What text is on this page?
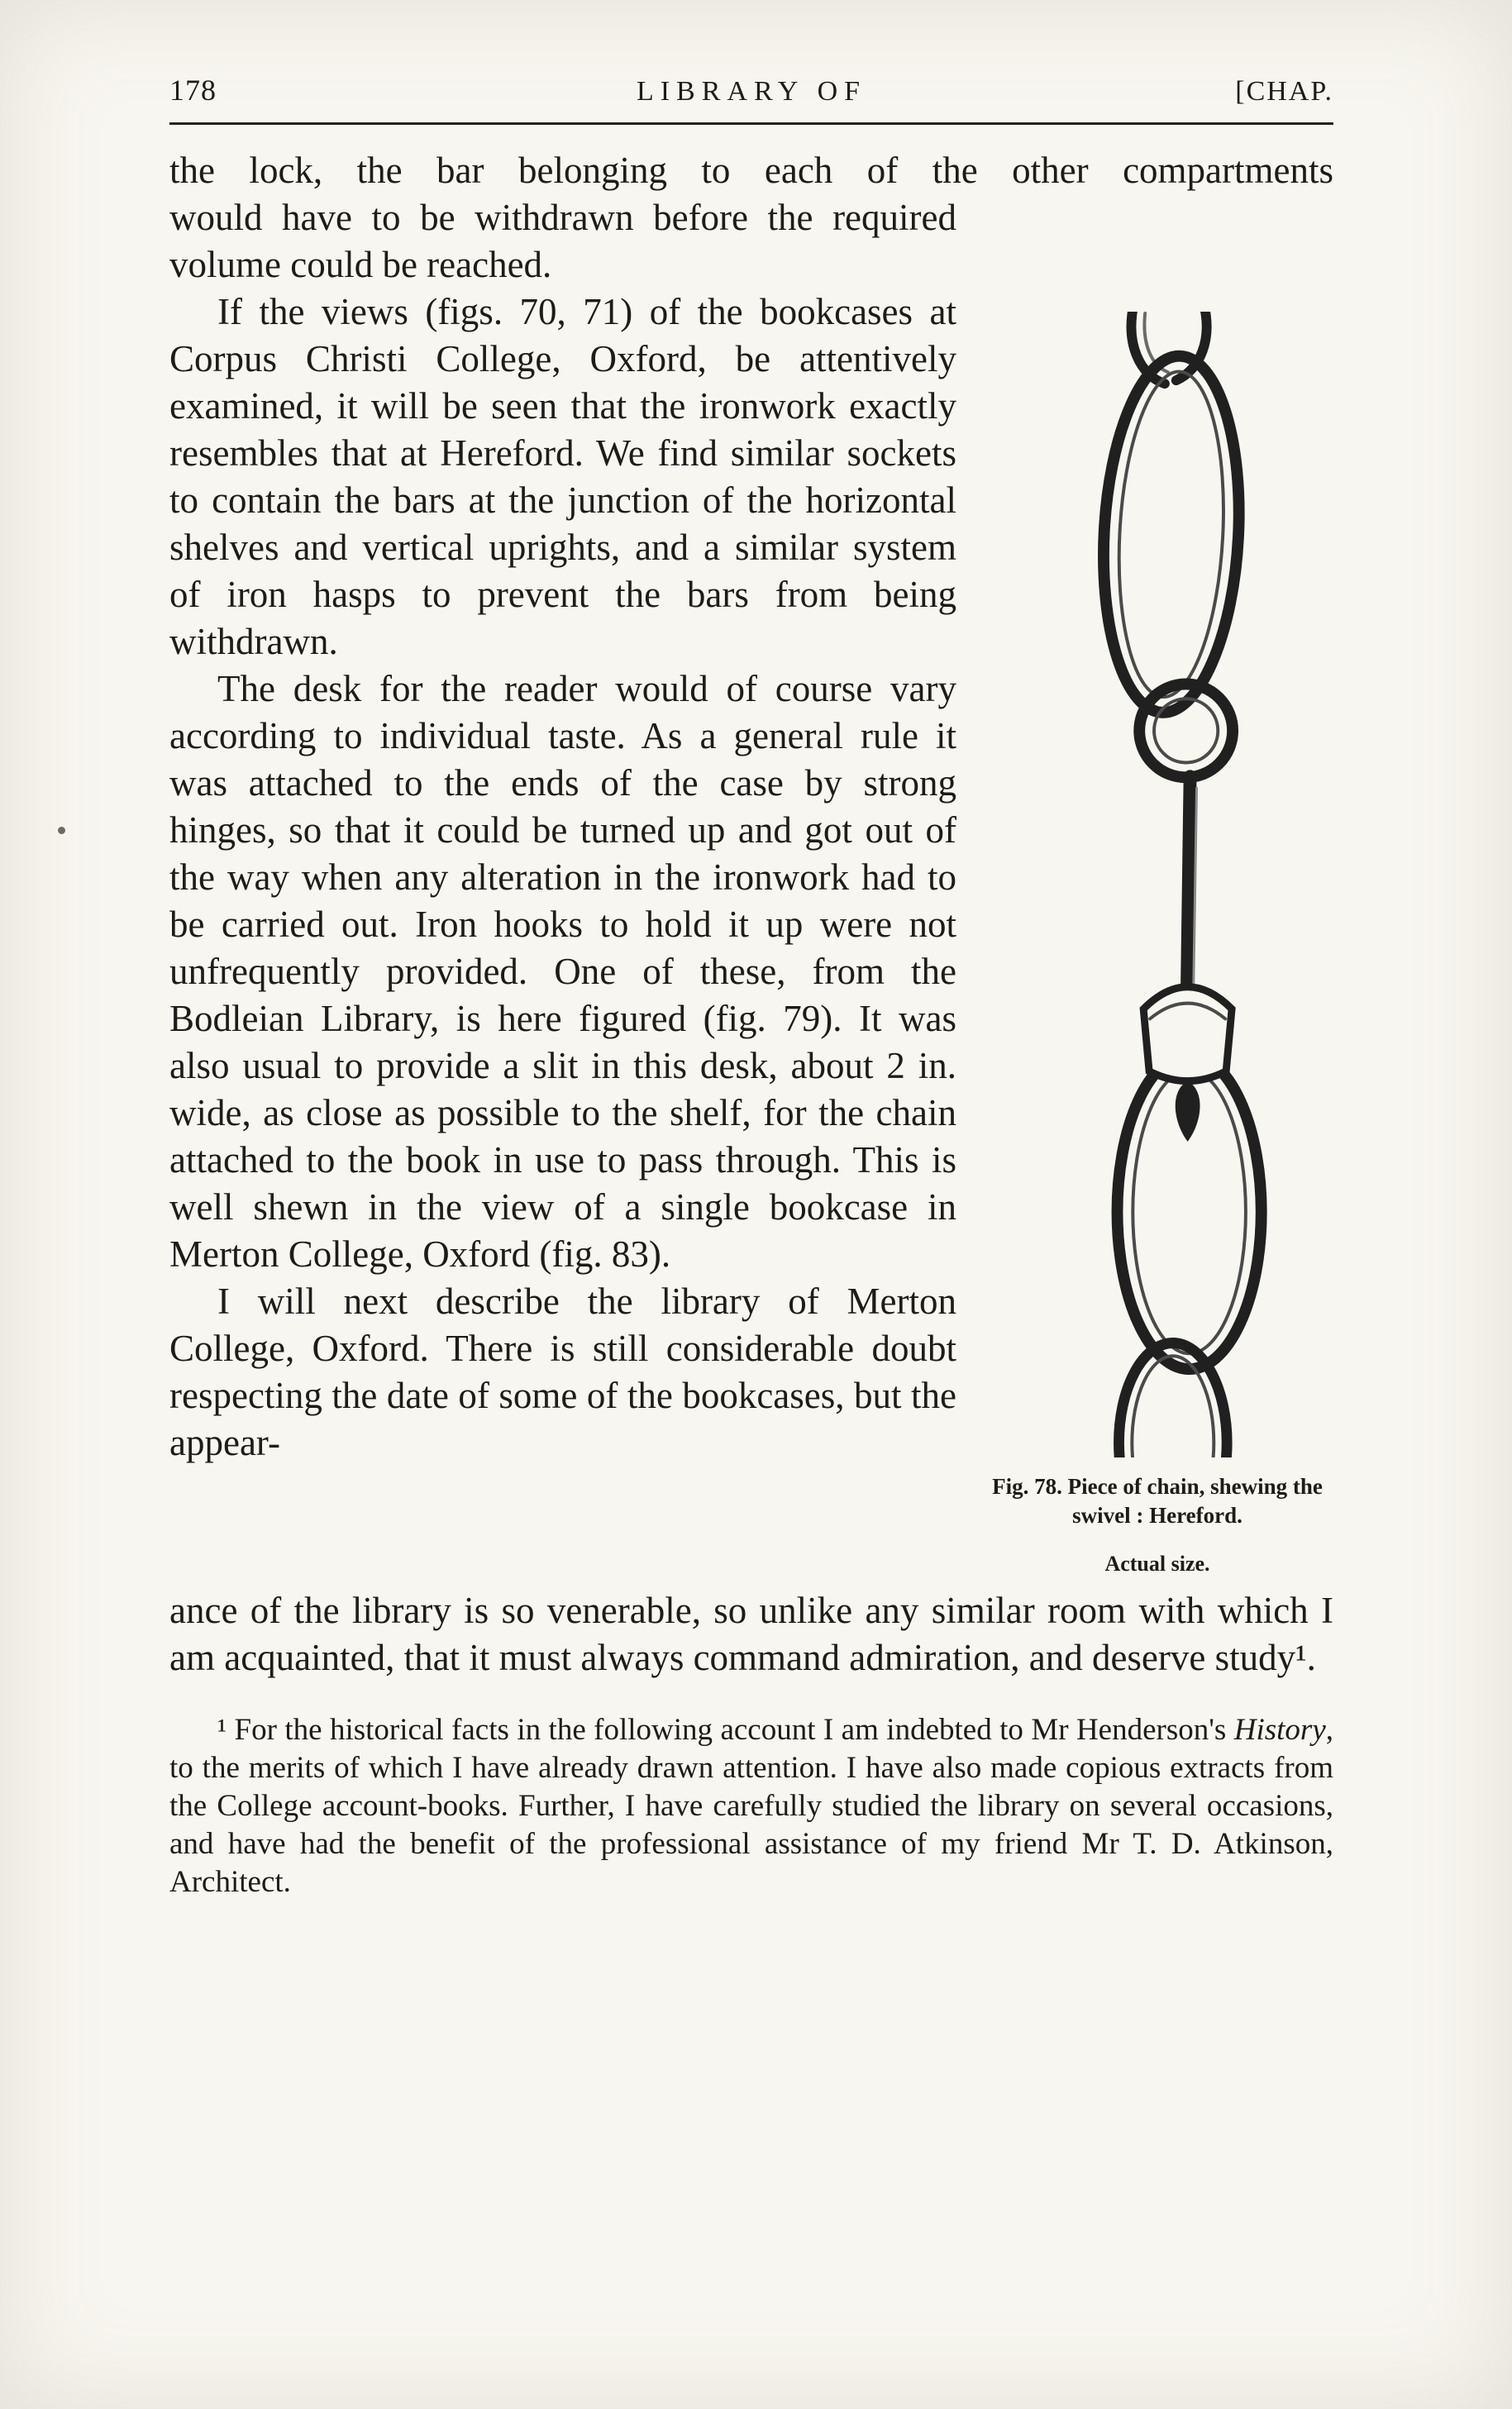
178	LIBRARY OF	[CHAP.

the lock, the bar belonging to each of the other compartments

would have to be withdrawn before the required volume could be reached.

If the views (figs. 70, 71) of the bookcases at Corpus Christi College, Oxford, be attentively examined, it will be seen that the ironwork exactly resembles that at Hereford. We find similar sockets to contain the bars at the junction of the horizontal shelves and vertical uprights, and a similar system of iron hasps to prevent the bars from being withdrawn.

The desk for the reader would of course vary according to individual taste. As a general rule it was attached to the ends of the case by strong hinges, so that it could be turned up and got out of the way when any alteration in the ironwork had to be carried out. Iron hooks to hold it up were not unfrequently provided. One of these, from the Bodleian Library, is here figured (fig. 79). It was also usual to provide a slit in this desk, about 2 in. wide, as close as possible to the shelf, for the chain attached to the book in use to pass through. This is well shewn in the view of a single bookcase in Merton College, Oxford (fig. 83).

I will next describe the library of Merton College, Oxford. There is still considerable doubt respecting the date of some of the bookcases, but the appear-

Fig. 78. Piece of chain, shewing the swivel : Hereford.
Actual size.

ance of the library is so venerable, so unlike any similar room with which I am acquainted, that it must always command admiration, and deserve study¹.

¹ For the historical facts in the following account I am indebted to Mr Henderson's History, to the merits of which I have already drawn attention. I have also made copious extracts from the College account-books. Further, I have carefully studied the library on several occasions, and have had the benefit of the professional assistance of my friend Mr T. D. Atkinson, Architect.
